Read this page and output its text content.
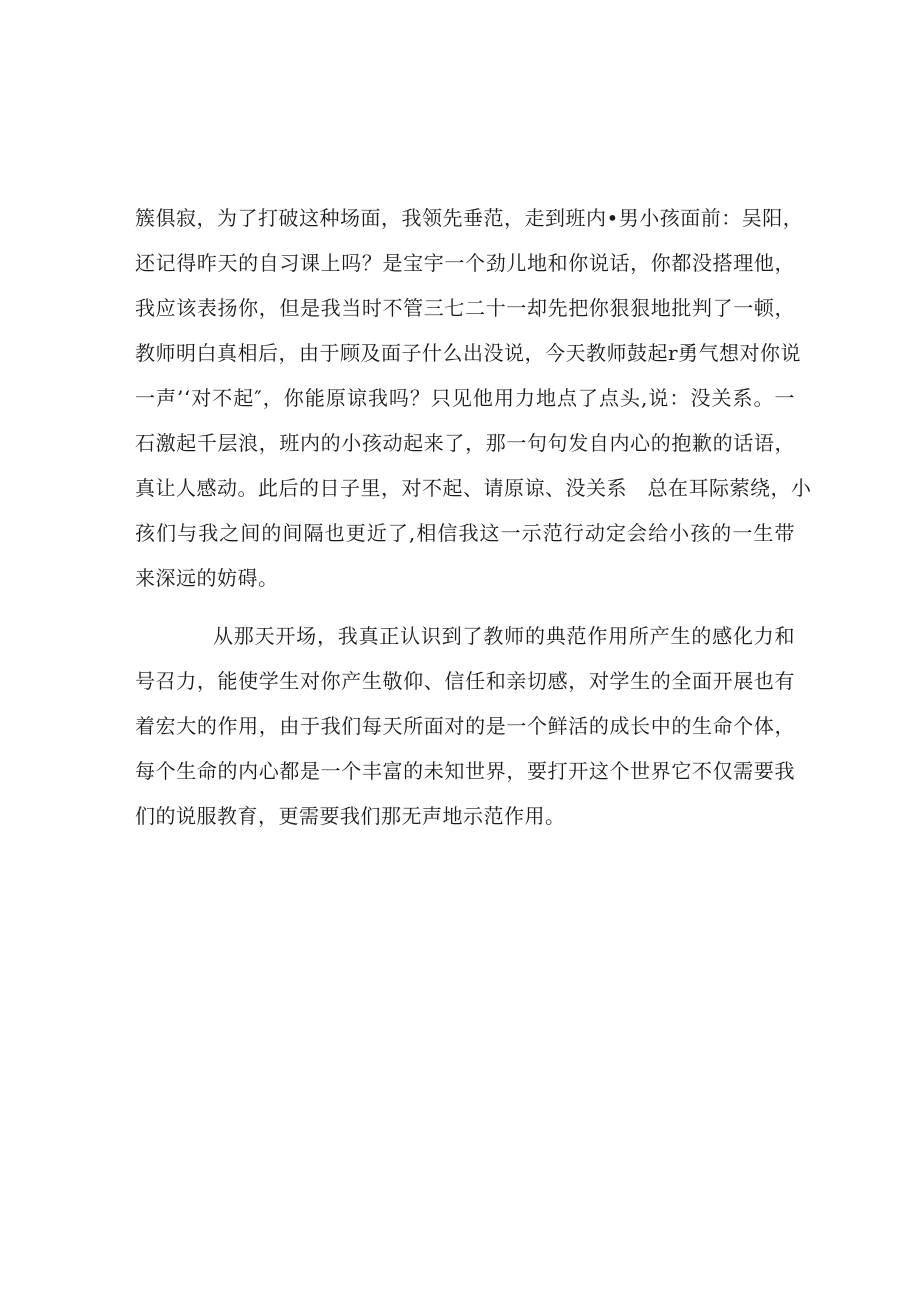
簇俱寂，为了打破这种场面，我领先垂范，走到班内•男小孩面前：吴阳，
还记得昨天的自习课上吗？是宝宇一个劲儿地和你说话，你都没搭理他，
我应该表扬你，但是我当时不管三七二十一却先把你狠狠地批判了一顿，
教师明白真相后，由于顾及面子什么出没说，今天教师鼓起r勇气想对你说
一声’‘对不起″，你能原谅我吗？只见他用力地点了点头,说：没关系。一
石激起千层浪，班内的小孩动起来了，那一句句发自内心的抱歉的话语，
真让人感动。此后的日子里，对不起、请原谅、没关系　总在耳际萦绕，小
孩们与我之间的间隔也更近了,相信我这一示范行动定会给小孩的一生带
来深远的妨碍。
从那天开场，我真正认识到了教师的典范作用所产生的感化力和
号召力，能使学生对你产生敬仰、信任和亲切感，对学生的全面开展也有
着宏大的作用，由于我们每天所面对的是一个鲜活的成长中的生命个体，
每个生命的内心都是一个丰富的未知世界，要打开这个世界它不仅需要我
们的说服教育，更需要我们那无声地示范作用。
